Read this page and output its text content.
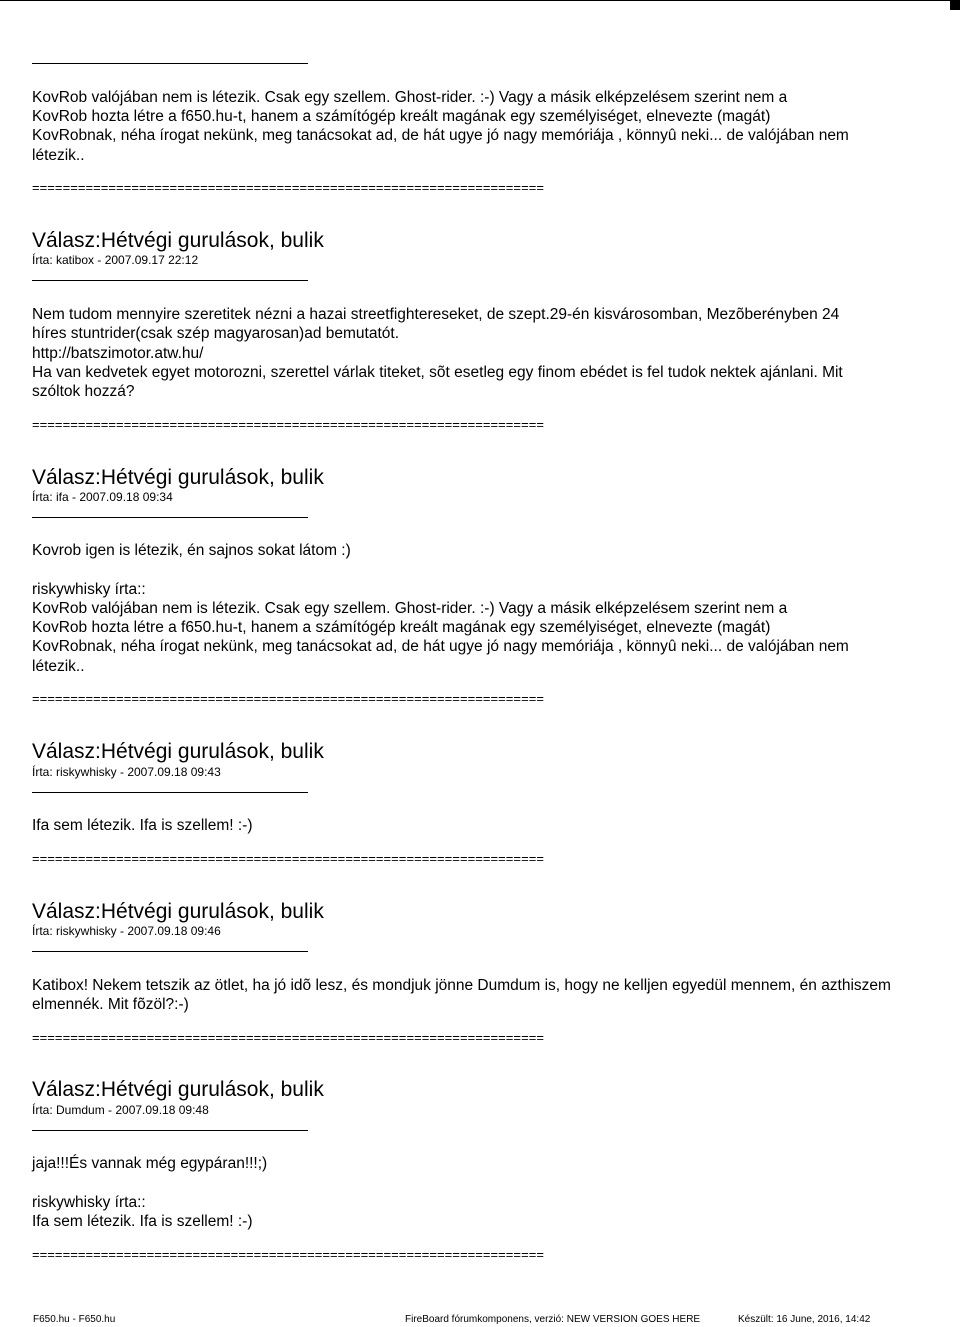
KovRob valójában nem is létezik. Csak egy szellem. Ghost-rider. :-) Vagy a másik elképzelésem szerint nem a
KovRob hozta létre a f650.hu-t, hanem a számítógép kreált magának egy személyiséget, elnevezte (magát)
KovRobnak, néha írogat nekünk, meg tanácsokat ad, de hát ugye jó nagy memóriája , könnyû neki... de valójában nem
létezik..
===================================================================
Válasz:Hétvégi gurulások, bulik
Írta: katibox - 2007.09.17 22:12
Nem tudom mennyire szeretitek nézni a hazai streetfightereseket, de szept.29-én kisvárosomban, Mezõberényben 24
híres stuntrider(csak szép magyarosan)ad bemutatót.
http://batszimotor.atw.hu/
Ha van kedvetek egyet motorozni, szerettel várlak titeket, sõt esetleg egy finom ebédet is fel tudok nektek ajánlani. Mit
szóltok hozzá?
===================================================================
Válasz:Hétvégi gurulások, bulik
Írta: ifa - 2007.09.18 09:34
Kovrob igen is létezik, én sajnos sokat látom :)
riskywhisky írta::
KovRob valójában nem is létezik. Csak egy szellem. Ghost-rider. :-) Vagy a másik elképzelésem szerint nem a
KovRob hozta létre a f650.hu-t, hanem a számítógép kreált magának egy személyiséget, elnevezte (magát)
KovRobnak, néha írogat nekünk, meg tanácsokat ad, de hát ugye jó nagy memóriája , könnyû neki... de valójában nem
létezik..
===================================================================
Válasz:Hétvégi gurulások, bulik
Írta: riskywhisky - 2007.09.18 09:43
Ifa sem létezik. Ifa is szellem! :-)
===================================================================
Válasz:Hétvégi gurulások, bulik
Írta: riskywhisky - 2007.09.18 09:46
Katibox! Nekem tetszik az ötlet, ha jó idõ lesz, és mondjuk jönne Dumdum is, hogy ne kelljen egyedül mennem, én azthiszem
elmennék. Mit fõzöl?:-)
===================================================================
Válasz:Hétvégi gurulások, bulik
Írta: Dumdum - 2007.09.18 09:48
jaja!!!És vannak még egypáran!!!;)
riskywhisky írta::
Ifa sem létezik. Ifa is szellem! :-)
===================================================================
F650.hu - F650.hu	FireBoard fórumkomponens, verzió: NEW VERSION GOES HERE	Készült: 16 June, 2016, 14:42
